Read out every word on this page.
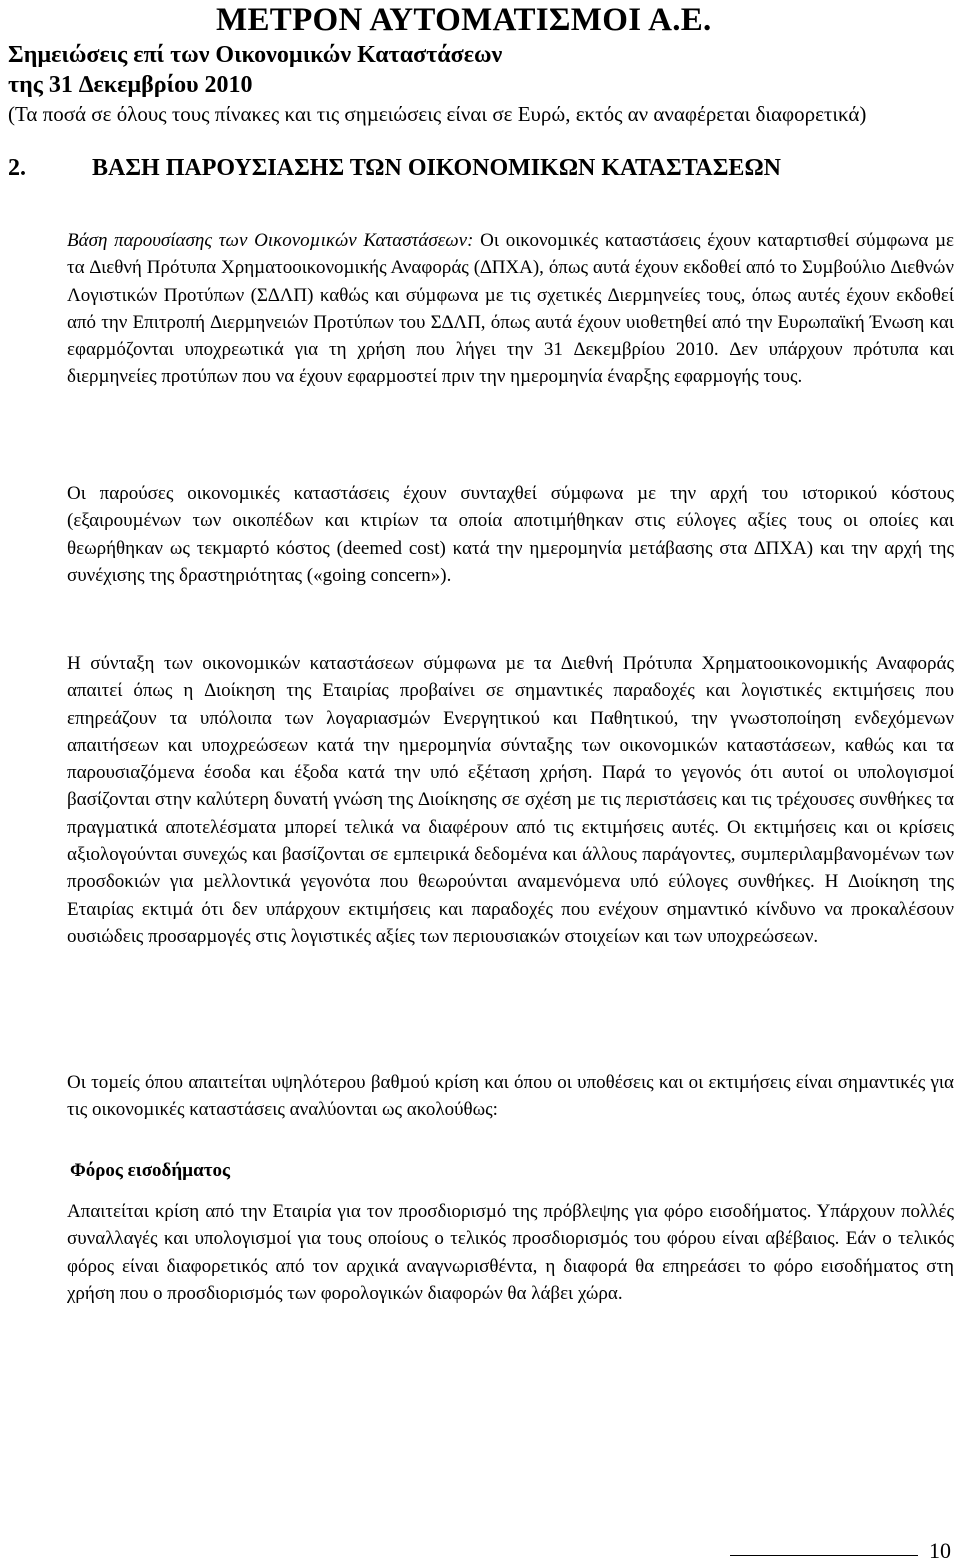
ΜΕΤΡΟΝ ΑΥΤΟΜΑΤΙΣΜΟΙ Α.Ε.
Σηµειώσεις επί των Οικονοµικών Καταστάσεων
της 31 ∆εκεµβρίου 2010
(Τα ποσά σε όλους τους πίνακες και τις σηµειώσεις είναι σε Ευρώ, εκτός αν αναφέρεται διαφορετικά)
2.	ΒΑΣΗ ΠΑΡΟΥΣΙΑΣΗΣ ΤΩΝ ΟΙΚΟΝΟΜΙΚΩΝ ΚΑΤΑΣΤΑΣΕΩΝ
Βάση παρουσίασης των Οικονοµικών Καταστάσεων: Οι οικονοµικές καταστάσεις έχουν καταρτισθεί σύµφωνα µε τα ∆ιεθνή Πρότυπα Χρηµατοοικονοµικής Αναφοράς (∆ΠΧΑ), όπως αυτά έχουν εκδοθεί από το Συµβούλιο ∆ιεθνών Λογιστικών Προτύπων (Σ∆ΛΠ) καθώς και σύµφωνα µε τις σχετικές ∆ιερµηνείες τους, όπως αυτές έχουν εκδοθεί από την Επιτροπή ∆ιερµηνειών Προτύπων του Σ∆ΛΠ, όπως αυτά έχουν υιοθετηθεί από την Ευρωπαϊκή Ένωση και εφαρµόζονται υποχρεωτικά για τη χρήση που λήγει την 31 ∆εκεµβρίου 2010. ∆εν υπάρχουν πρότυπα και διερµηνείες προτύπων που να έχουν εφαρµοστεί πριν την ηµεροµηνία έναρξης εφαρµογής τους.
Οι παρούσες οικονοµικές καταστάσεις έχουν συνταχθεί σύµφωνα µε την αρχή του ιστορικού κόστους (εξαιρουµένων των οικοπέδων και κτιρίων τα οποία αποτιµήθηκαν στις εύλογες αξίες τους οι οποίες και θεωρήθηκαν ως τεκµαρτό κόστος (deemed cost) κατά την ηµεροµηνία µετάβασης στα ∆ΠΧΑ) και την αρχή της συνέχισης της δραστηριότητας («going concern»).
Η σύνταξη των οικονοµικών καταστάσεων σύµφωνα µε τα ∆ιεθνή Πρότυπα Χρηµατοοικονοµικής Αναφοράς απαιτεί όπως η ∆ιοίκηση της Εταιρίας προβαίνει σε σηµαντικές παραδοχές και λογιστικές εκτιµήσεις που επηρεάζουν τα υπόλοιπα των λογαριασµών Ενεργητικού και Παθητικού, την γνωστοποίηση ενδεχόµενων απαιτήσεων και υποχρεώσεων κατά την ηµεροµηνία σύνταξης των οικονοµικών καταστάσεων, καθώς και τα παρουσιαζόµενα έσοδα και έξοδα κατά την υπό εξέταση χρήση. Παρά το γεγονός ότι αυτοί οι υπολογισµοί βασίζονται στην καλύτερη δυνατή γνώση της ∆ιοίκησης σε σχέση µε τις περιστάσεις και τις τρέχουσες συνθήκες τα πραγµατικά αποτελέσµατα µπορεί τελικά να διαφέρουν από τις εκτιµήσεις αυτές. Οι εκτιµήσεις και οι κρίσεις αξιολογούνται συνεχώς και βασίζονται σε εµπειρικά δεδοµένα και άλλους παράγοντες, συµπεριλαµβανοµένων των προσδοκιών για µελλοντικά γεγονότα που θεωρούνται αναµενόµενα υπό εύλογες συνθήκες. Η ∆ιοίκηση της Εταιρίας εκτιµά ότι δεν υπάρχουν εκτιµήσεις και παραδοχές που ενέχουν σηµαντικό κίνδυνο να προκαλέσουν ουσιώδεις προσαρµογές στις λογιστικές αξίες των περιουσιακών στοιχείων και των υποχρεώσεων.
Οι τοµείς όπου απαιτείται υψηλότερου βαθµού κρίση και όπου οι υποθέσεις και οι εκτιµήσεις είναι σηµαντικές για τις οικονοµικές καταστάσεις αναλύονται ως ακολούθως:
Φόρος εισοδήµατος
Απαιτείται κρίση από την Εταιρία για τον προσδιορισµό της πρόβλεψης για φόρο εισοδήµατος. Υπάρχουν πολλές συναλλαγές και υπολογισµοί για τους οποίους ο τελικός προσδιορισµός του φόρου είναι αβέβαιος. Εάν ο τελικός φόρος είναι διαφορετικός από τον αρχικά αναγνωρισθέντα, η διαφορά θα επηρεάσει το φόρο εισοδήµατος στη χρήση που ο προσδιορισµός των φορολογικών διαφορών θα λάβει χώρα.
10
